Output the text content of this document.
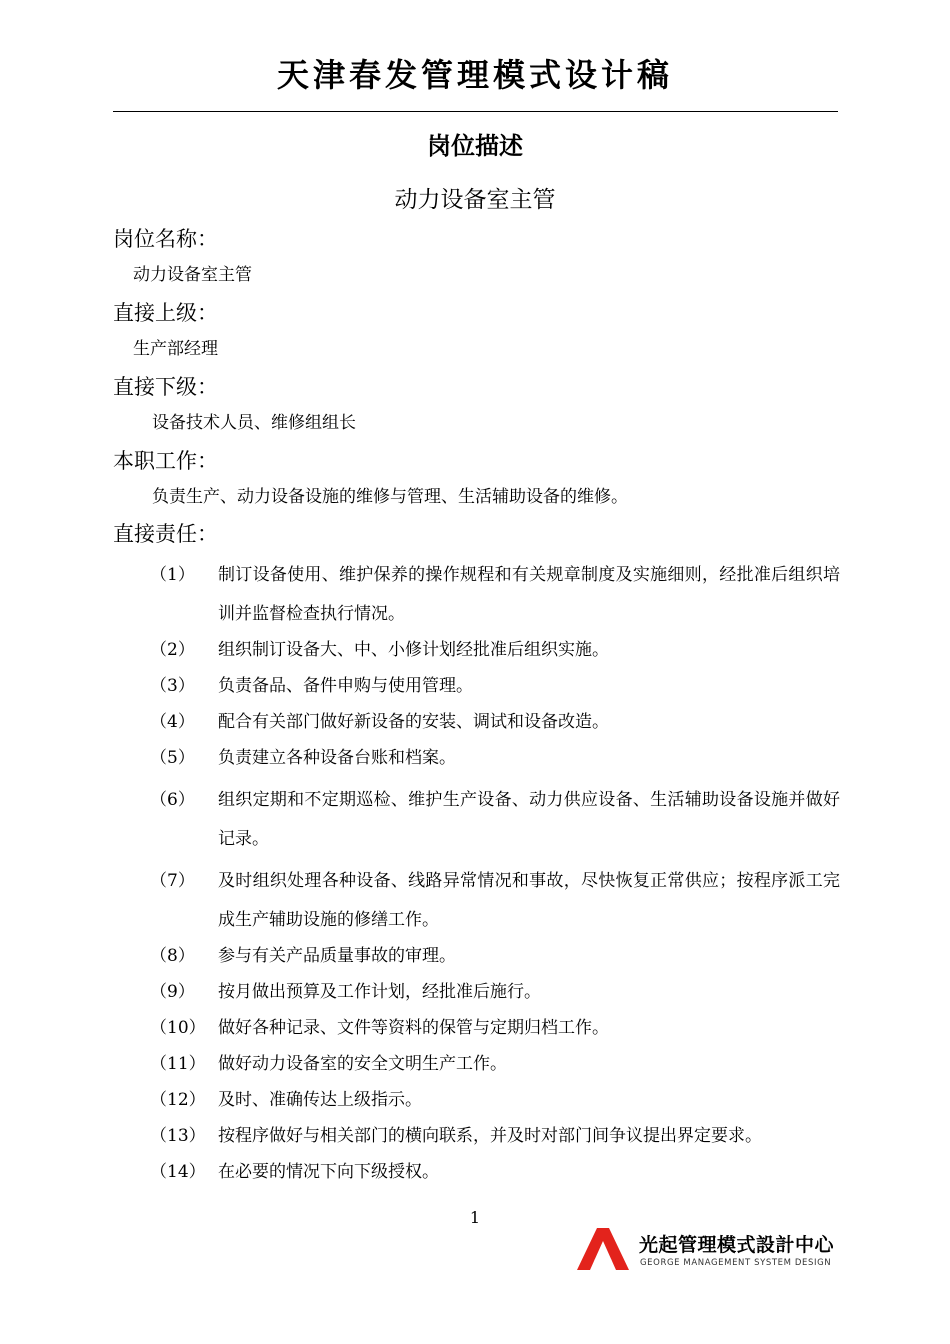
天津春发管理模式设计稿
岗位描述
动力设备室主管
岗位名称：
动力设备室主管
直接上级：
生产部经理
直接下级：
设备技术人员、维修组组长
本职工作：
负责生产、动力设备设施的维修与管理、生活辅助设备的维修。
直接责任：
（1）	制订设备使用、维护保养的操作规程和有关规章制度及实施细则，经批准后组织培训并监督检查执行情况。
（2）	组织制订设备大、中、小修计划经批准后组织实施。
（3）	负责备品、备件申购与使用管理。
（4）	配合有关部门做好新设备的安装、调试和设备改造。
（5）	负责建立各种设备台账和档案。
（6）	组织定期和不定期巡检、维护生产设备、动力供应设备、生活辅助设备设施并做好记录。
（7）	及时组织处理各种设备、线路异常情况和事故，尽快恢复正常供应；按程序派工完成生产辅助设施的修缮工作。
（8）	参与有关产品质量事故的审理。
（9）	按月做出预算及工作计划，经批准后施行。
（10） 做好各种记录、文件等资料的保管与定期归档工作。
（11） 做好动力设备室的安全文明生产工作。
（12） 及时、准确传达上级指示。
（13） 按程序做好与相关部门的横向联系，并及时对部门间争议提出界定要求。
（14） 在必要的情况下向下级授权。
1
光起管理模式設計中心
GEORGE MANAGEMENT SYSTEM DESIGN
